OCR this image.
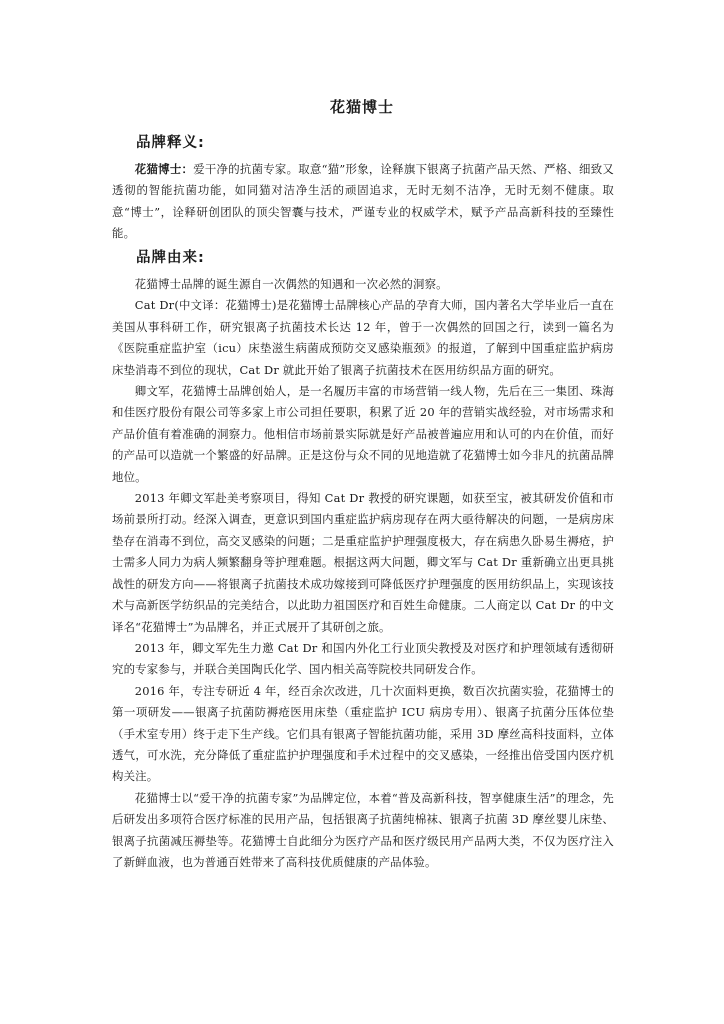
花猫博士
品牌释义:

花猫博士：爱干净的抗菌专家。取意“猫”形象，诠释旗下银离子抗菌产品天然、严格、细致又透彻的智能抗菌功能，如同猫对洁净生活的顽固追求，无时无刻不洁净，无时无刻不健康。取意“博士”，诠释研创团队的顶尖智囊与技术，严谨专业的权威学术，赋予产品高新科技的至臻性能。

品牌由来:

花猫博士品牌的诞生源自一次偶然的知遇和一次必然的洞察。

Cat Dr(中文译：花猫博士)是花猫博士品牌核心产品的孕育大师，国内著名大学毕业后一直在美国从事科研工作，研究银离子抗菌技术长达 12 年，曾于一次偶然的回国之行，读到一篇名为《医院重症监护室（icu）床垫滋生病菌成预防交叉感染瓶颈》的报道，了解到中国重症监护病房床垫消毒不到位的现状，Cat Dr 就此开始了银离子抗菌技术在医用纺织品方面的研究。

卿文军，花猫博士品牌创始人，是一名履历丰富的市场营销一线人物，先后在三一集团、珠海和佳医疗股份有限公司等多家上市公司担任要职，积累了近 20 年的营销实战经验，对市场需求和产品价值有着准确的洞察力。他相信市场前景实际就是好产品被普遍应用和认可的内在价值，而好的产品可以造就一个繁盛的好品牌。正是这份与众不同的见地造就了花猫博士如今非凡的抗菌品牌地位。

2013 年卿文军赴美考察项目，得知 Cat Dr 教授的研究课题，如获至宝，被其研发价值和市场前景所打动。经深入调查，更意识到国内重症监护病房现存在两大亟待解决的问题，一是病房床垫存在消毒不到位，高交叉感染的问题；二是重症监护护理强度极大，存在病患久卧易生褥疮，护士需多人同力为病人频繁翻身等护理难题。根据这两大问题，卿文军与 Cat Dr 重新确立出更具挑战性的研发方向——将银离子抗菌技术成功嫁接到可降低医疗护理强度的医用纺织品上，实现该技术与高新医学纺织品的完美结合，以此助力祖国医疗和百姓生命健康。二人商定以 Cat Dr 的中文译名“花猫博士”为品牌名，并正式展开了其研创之旅。

2013 年，卿文军先生力邀 Cat Dr 和国内外化工行业顶尖教授及对医疗和护理领域有透彻研究的专家参与，并联合美国陶氏化学、国内相关高等院校共同研发合作。

2016 年，专注专研近 4 年，经百余次改进，几十次面料更换，数百次抗菌实验，花猫博士的第一项研发——银离子抗菌防褥疮医用床垫（重症监护 ICU 病房专用）、银离子抗菌分压体位垫（手术室专用）终于走下生产线。它们具有银离子智能抗菌功能，采用 3D 摩丝高科技面料，立体透气，可水洗，充分降低了重症监护护理强度和手术过程中的交叉感染，一经推出倍受国内医疗机构关注。

花猫博士以“爱干净的抗菌专家”为品牌定位，本着“普及高新科技，智享健康生活”的理念，先后研发出多项符合医疗标准的民用产品，包括银离子抗菌纯棉袜、银离子抗菌 3D 摩丝婴儿床垫、银离子抗菌减压褥垫等。花猫博士自此细分为医疗产品和医疗级民用产品两大类，不仅为医疗注入了新鲜血液，也为普通百姓带来了高科技优质健康的产品体验。
